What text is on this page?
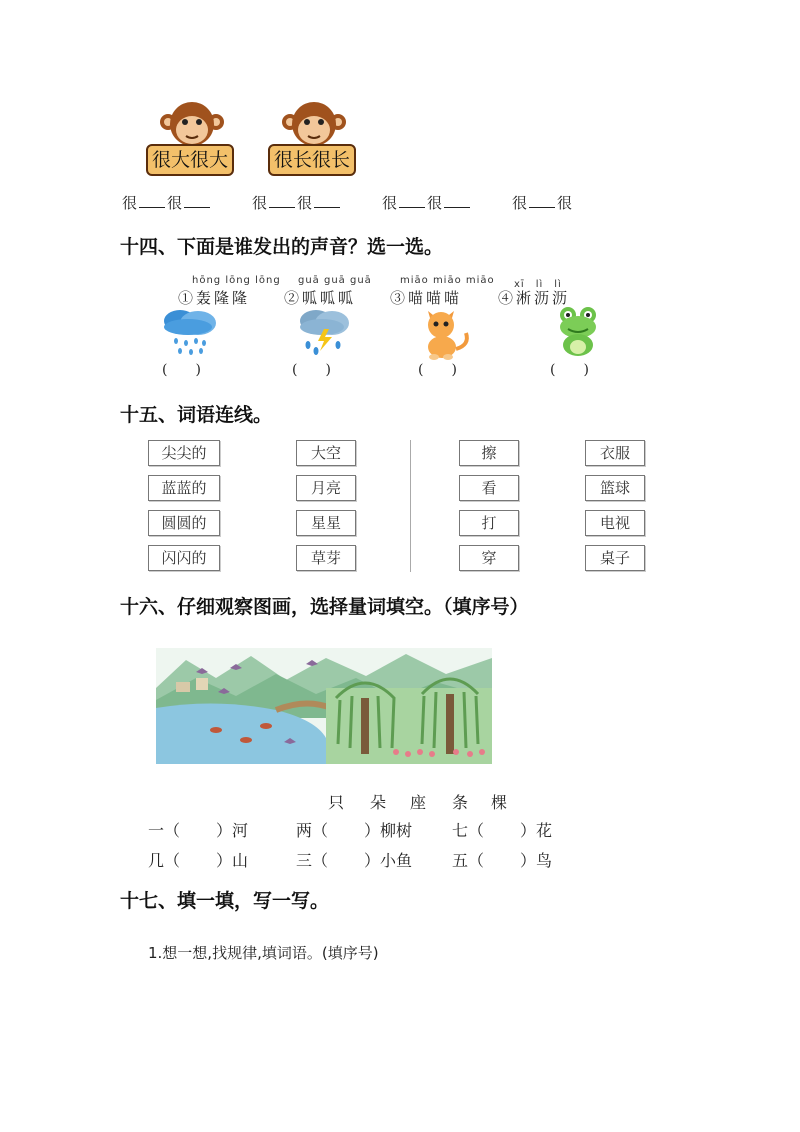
很大很大	很长很长
很 很	很 很	很 很	很 很
十四、下面是谁发出的声音？选一选。
hōng lōng lōng
①轰隆隆
(　　)
guā guā guā
②呱呱呱
(　　)
miāo miāo miāo
③喵喵喵
(　　)
xī　lì　lì
④淅沥沥
(　　)
十五、词语连线。
尖尖的
蓝蓝的
圆圆的
闪闪的
大空
月亮
星星
草芽
擦
看
打
穿
衣服
篮球
电视
桌子
十六、仔细观察图画，选择量词填空。（填序号）
只 朵 座 条 棵
一（ ）河	两（ ）柳树 七（ ）花
几（ ）山	三（ ）小鱼 五（ ）鸟
十七、填一填，写一写。
1.想一想,找规律,填词语。(填序号)
